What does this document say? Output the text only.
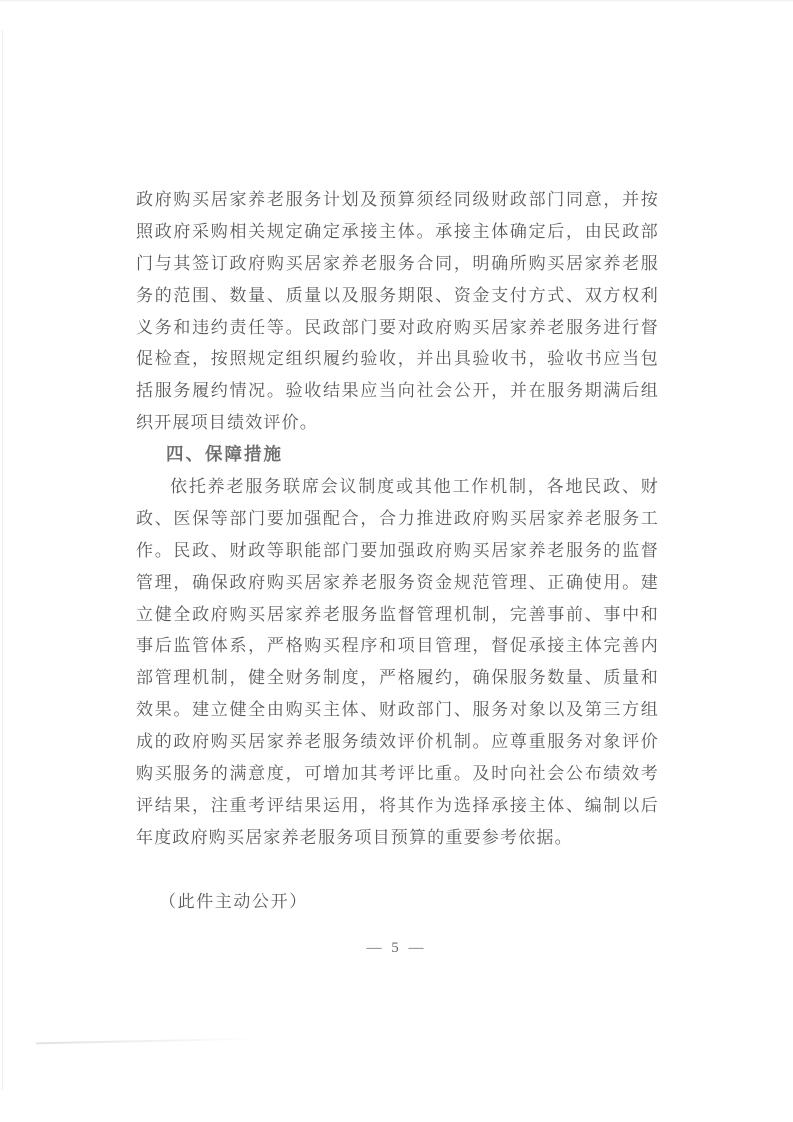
政府购买居家养老服务计划及预算须经同级财政部门同意，并按
照政府采购相关规定确定承接主体。承接主体确定后，由民政部
门与其签订政府购买居家养老服务合同，明确所购买居家养老服
务的范围、数量、质量以及服务期限、资金支付方式、双方权利
义务和违约责任等。民政部门要对政府购买居家养老服务进行督
促检查，按照规定组织履约验收，并出具验收书，验收书应当包
括服务履约情况。验收结果应当向社会公开，并在服务期满后组
织开展项目绩效评价。
四、保障措施
依托养老服务联席会议制度或其他工作机制，各地民政、财
政、医保等部门要加强配合，合力推进政府购买居家养老服务工
作。民政、财政等职能部门要加强政府购买居家养老服务的监督
管理，确保政府购买居家养老服务资金规范管理、正确使用。建
立健全政府购买居家养老服务监督管理机制，完善事前、事中和
事后监管体系，严格购买程序和项目管理，督促承接主体完善内
部管理机制，健全财务制度，严格履约，确保服务数量、质量和
效果。建立健全由购买主体、财政部门、服务对象以及第三方组
成的政府购买居家养老服务绩效评价机制。应尊重服务对象评价
购买服务的满意度，可增加其考评比重。及时向社会公布绩效考
评结果，注重考评结果运用，将其作为选择承接主体、编制以后
年度政府购买居家养老服务项目预算的重要参考依据。
（此件主动公开）
— 5 —
